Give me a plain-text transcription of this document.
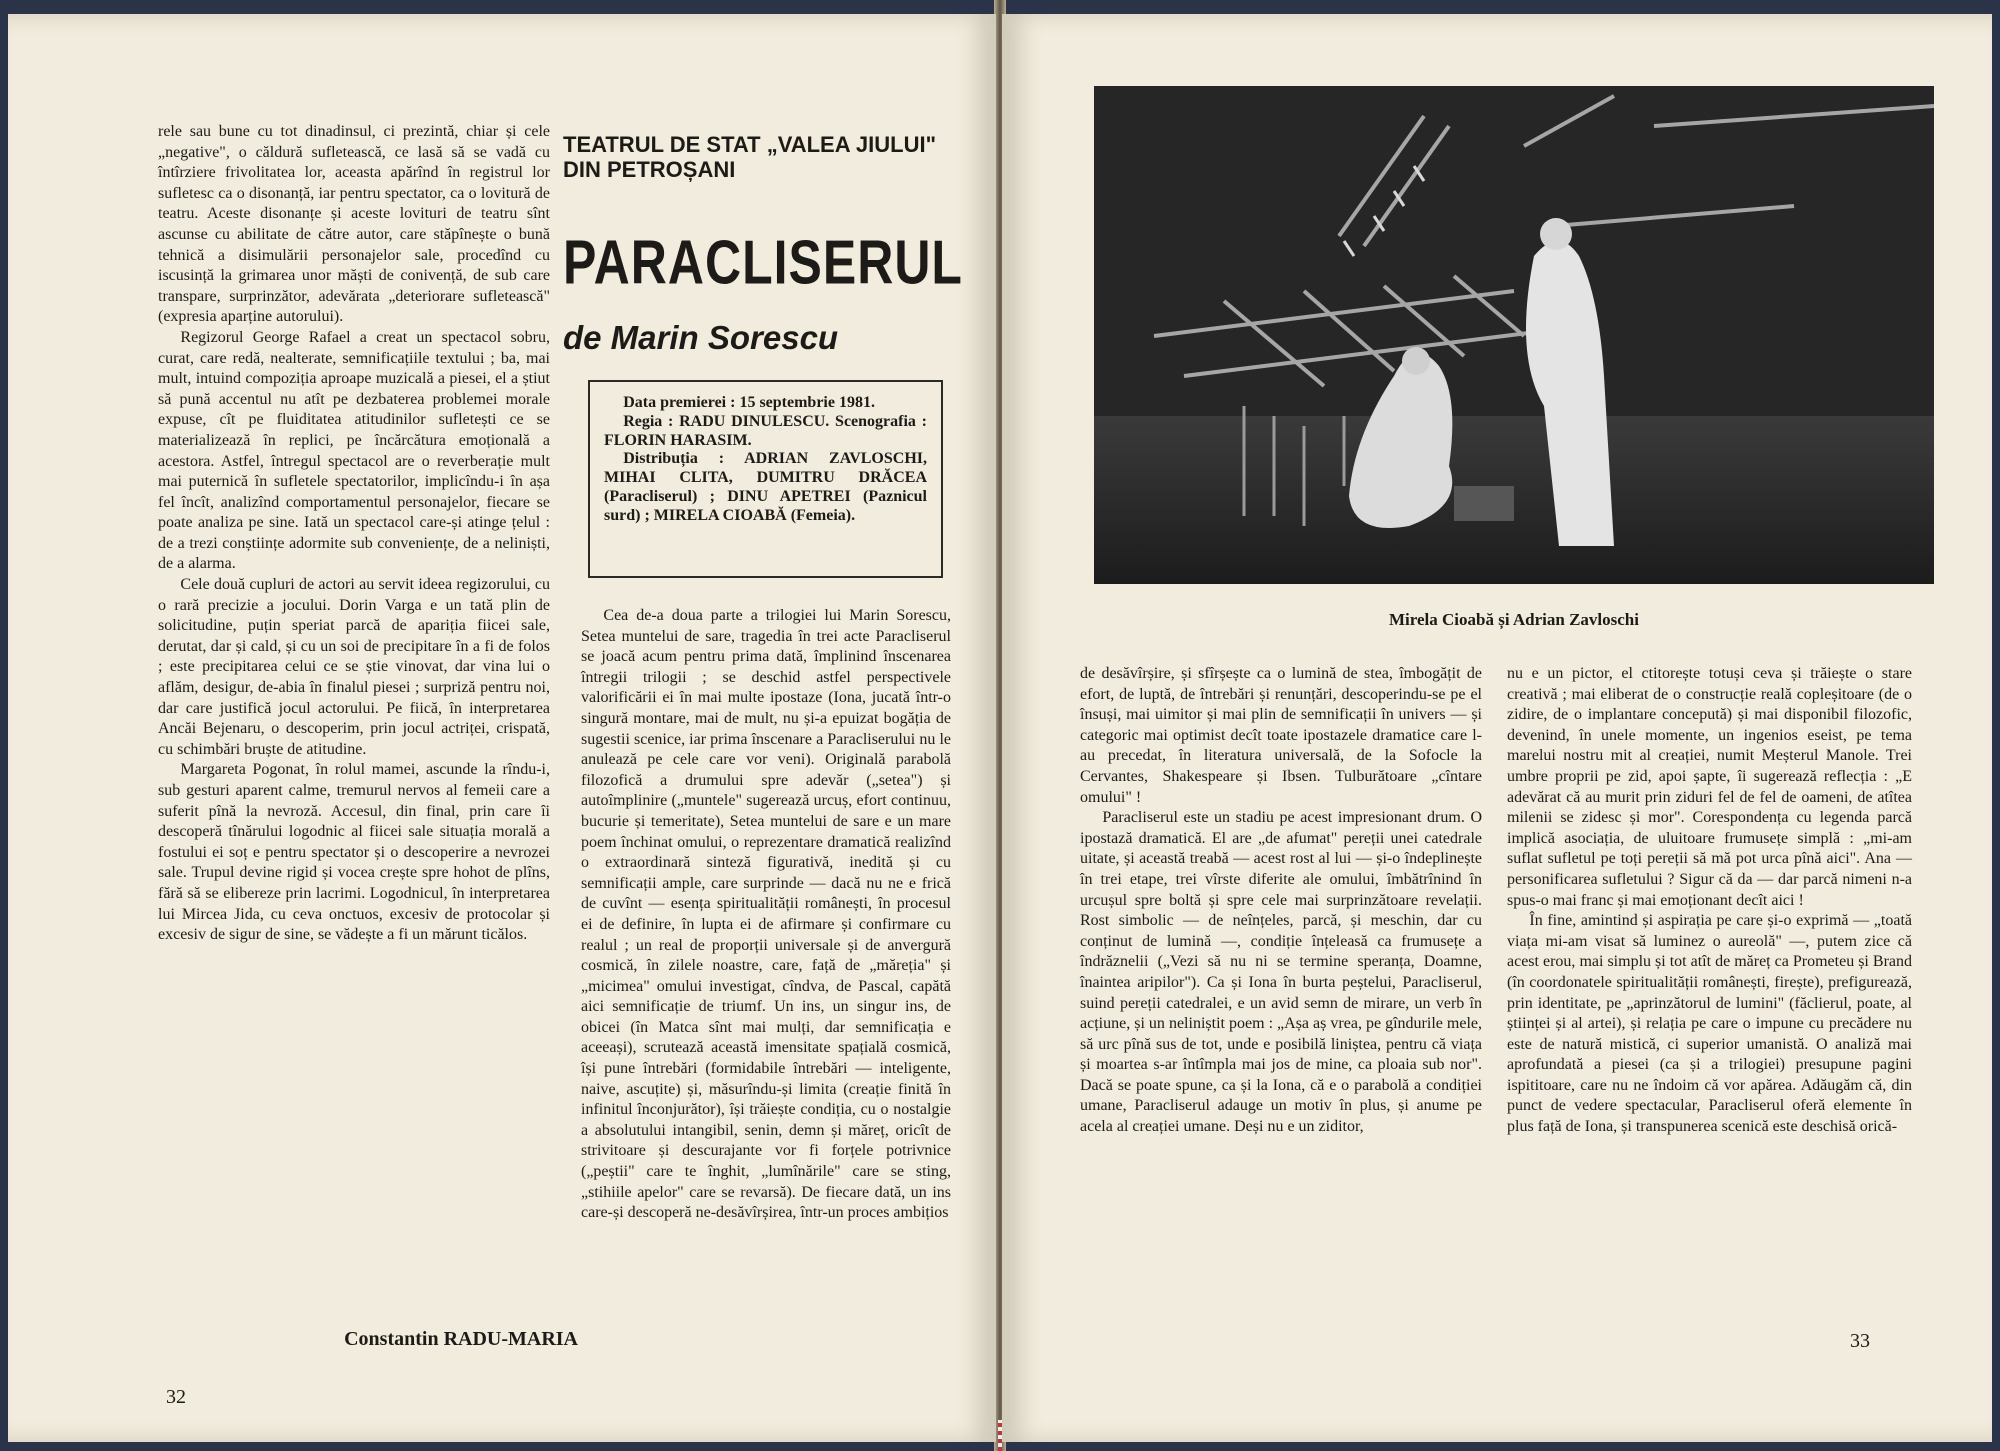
rele sau bune cu tot dinadinsul, ci prezintă, chiar și cele „negative", o căldură sufletească, ce lasă să se vadă cu întîrziere frivolitatea lor, aceasta apărînd în registrul lor sufletesc ca o disonanță, iar pentru spectator, ca o lovitură de teatru. Aceste disonanțe și aceste lovituri de teatru sînt ascunse cu abilitate de către autor, care stăpînește o bună tehnică a disimulării personajelor sale, procedînd cu iscusință la grimarea unor măști de conivență, de sub care transpare, surprinzător, adevărata „deteriorare sufletească" (expresia aparține autorului).

Regizorul George Rafael a creat un spectacol sobru, curat, care redă, nealterate, semnificațiile textului ; ba, mai mult, intuind compoziția aproape muzicală a piesei, el a știut să pună accentul nu atît pe dezbaterea problemei morale expuse, cît pe fluiditatea atitudinilor sufletești ce se materializează în replici, pe încărcătura emoțională a acestora. Astfel, întregul spectacol are o reverberație mult mai puternică în sufletele spectatorilor, implicîndu-i în așa fel încît, analizînd comportamentul personajelor, fiecare se poate analiza pe sine. Iată un spectacol care-și atinge țelul : de a trezi conștiințe adormite sub conveniențe, de a neliniști, de a alarma.

Cele două cupluri de actori au servit ideea regizorului, cu o rară precizie a jocului. Dorin Varga e un tată plin de solicitudine, puțin speriat parcă de apariția fiicei sale, derutat, dar și cald, și cu un soi de precipitare în a fi de folos ; este precipitarea celui ce se știe vinovat, dar vina lui o aflăm, desigur, de-abia în finalul piesei ; surpriză pentru noi, dar care justifică jocul actorului. Pe fiică, în interpretarea Ancăi Bejenaru, o descoperim, prin jocul actriței, crispată, cu schimbări bruște de atitudine.

Margareta Pogonat, în rolul mamei, ascunde la rîndu-i, sub gesturi aparent calme, tremurul nervos al femeii care a suferit pînă la nevroză. Accesul, din final, prin care îi descoperă tînărului logodnic al fiicei sale situația morală a fostului ei soț e pentru spectator și o descoperire a nevrozei sale. Trupul devine rigid și vocea crește spre hohot de plîns, fără să se elibereze prin lacrimi. Logodnicul, în interpretarea lui Mircea Jida, cu ceva onctuos, excesiv de protocolar și excesiv de sigur de sine, se vădește a fi un mărunt ticălos.

Constantin RADU-MARIA
32
TEATRUL DE STAT „VALEA JIULUI" DIN PETROȘANI
PARACLISERUL
de Marin Sorescu

Data premierei : 15 septembrie 1981.

Regia : RADU DINULESCU. Scenografia : FLORIN HARASIM.

Distribuția : ADRIAN ZAVLOSCHI, MIHAI CLITA, DUMITRU DRĂCEA (Paracliserul) ; DINU APETREI (Paznicul surd) ; MIRELA CIOABĂ (Femeia).

Cea de-a doua parte a trilogiei lui Marin Sorescu, Setea muntelui de sare, tragedia în trei acte Paracliserul se joacă acum pentru prima dată, împlinind înscenarea întregii trilogii ; se deschid astfel perspectivele valorificării ei în mai multe ipostaze (Iona, jucată într-o singură montare, mai de mult, nu și-a epuizat bogăția de sugestii scenice, iar prima înscenare a Paracliserului nu le anulează pe cele care vor veni). Originală parabolă filozofică a drumului spre adevăr („setea") și autoîmplinire („muntele" sugerează urcuș, efort continuu, bucurie și temeritate), Setea muntelui de sare e un mare poem închinat omului, o reprezentare dramatică realizînd o extraordinară sinteză figurativă, inedită și cu semnificații ample, care surprinde — dacă nu ne e frică de cuvînt — esența spiritualității românești, în procesul ei de definire, în lupta ei de afirmare și confirmare cu realul ; un real de proporții universale și de anvergură cosmică, în zilele noastre, care, față de „măreția" și „micimea" omului investigat, cîndva, de Pascal, capătă aici semnificație de triumf. Un ins, un singur ins, de obicei (în Matca sînt mai mulți, dar semnificația e aceeași), scrutează această imensitate spațială cosmică, își pune întrebări (formidabile întrebări — inteligente, naive, ascuțite) și, măsurîndu-și limita (creație finită în infinitul înconjurător), își trăiește condiția, cu o nostalgie a absolutului intangibil, senin, demn și măreț, oricît de strivitoare și descurajante vor fi forțele potrivnice („peștii" care te înghit, „lumînările" care se sting, „stihiile apelor" care se revarsă). De fiecare dată, un ins care-și descoperă ne-desăvîrșirea, într-un proces ambițios

Mirela Cioabă și Adrian Zavloschi

de desăvîrșire, și sfîrșește ca o lumină de stea, îmbogățit de efort, de luptă, de întrebări și renunțări, descoperindu-se pe el însuși, mai uimitor și mai plin de semnificații în univers — și categoric mai optimist decît toate ipostazele dramatice care l-au precedat, în literatura universală, de la Sofocle la Cervantes, Shakespeare și Ibsen. Tulburătoare „cîntare omului" !

Paracliserul este un stadiu pe acest impresionant drum. O ipostază dramatică. El are „de afumat" pereții unei catedrale uitate, și această treabă — acest rost al lui — și-o îndeplinește în trei etape, trei vîrste diferite ale omului, îmbătrînind în urcușul spre boltă și spre cele mai surprinzătoare revelații. Rost simbolic — de neînțeles, parcă, și meschin, dar cu conținut de lumină —, condiție înțeleasă ca frumusețe a îndrăznelii („Vezi să nu ni se termine speranța, Doamne, înaintea aripilor"). Ca și Iona în burta peștelui, Paracliserul, suind pereții catedralei, e un avid semn de mirare, un verb în acțiune, și un neliniștit poem : „Așa aș vrea, pe gîndurile mele, să urc pînă sus de tot, unde e posibilă liniștea, pentru că viața și moartea s-ar întîmpla mai jos de mine, ca ploaia sub nor". Dacă se poate spune, ca și la Iona, că e o parabolă a condiției umane, Paracliserul adauge un motiv în plus, și anume pe acela al creației umane. Deși nu e un ziditor,

nu e un pictor, el ctitorește totuși ceva și trăiește o stare creativă ; mai eliberat de o construcție reală copleșitoare (de o zidire, de o implantare concepută) și mai disponibil filozofic, devenind, în unele momente, un ingenios eseist, pe tema marelui nostru mit al creației, numit Meșterul Manole. Trei umbre proprii pe zid, apoi șapte, îi sugerează reflecția : „E adevărat că au murit prin ziduri fel de fel de oameni, de atîtea milenii se zidesc și mor". Corespondența cu legenda parcă implică asociația, de uluitoare frumusețe simplă : „mi-am suflat sufletul pe toți pereții să mă pot urca pînă aici". Ana — personificarea sufletului ? Sigur că da — dar parcă nimeni n-a spus-o mai franc și mai emoționant decît aici !

În fine, amintind și aspirația pe care și-o exprimă — „toată viața mi-am visat să luminez o aureolă" —, putem zice că acest erou, mai simplu și tot atît de măreț ca Prometeu și Brand (în coordonatele spiritualității românești, firește), prefigurează, prin identitate, pe „aprinzătorul de lumini" (făclierul, poate, al științei și al artei), și relația pe care o impune cu precădere nu este de natură mistică, ci superior umanistă. O analiză mai aprofundată a piesei (ca și a trilogiei) presupune pagini ispititoare, care nu ne îndoim că vor apărea. Adăugăm că, din punct de vedere spectacular, Paracliserul oferă elemente în plus față de Iona, și transpunerea scenică este deschisă orică-

33
